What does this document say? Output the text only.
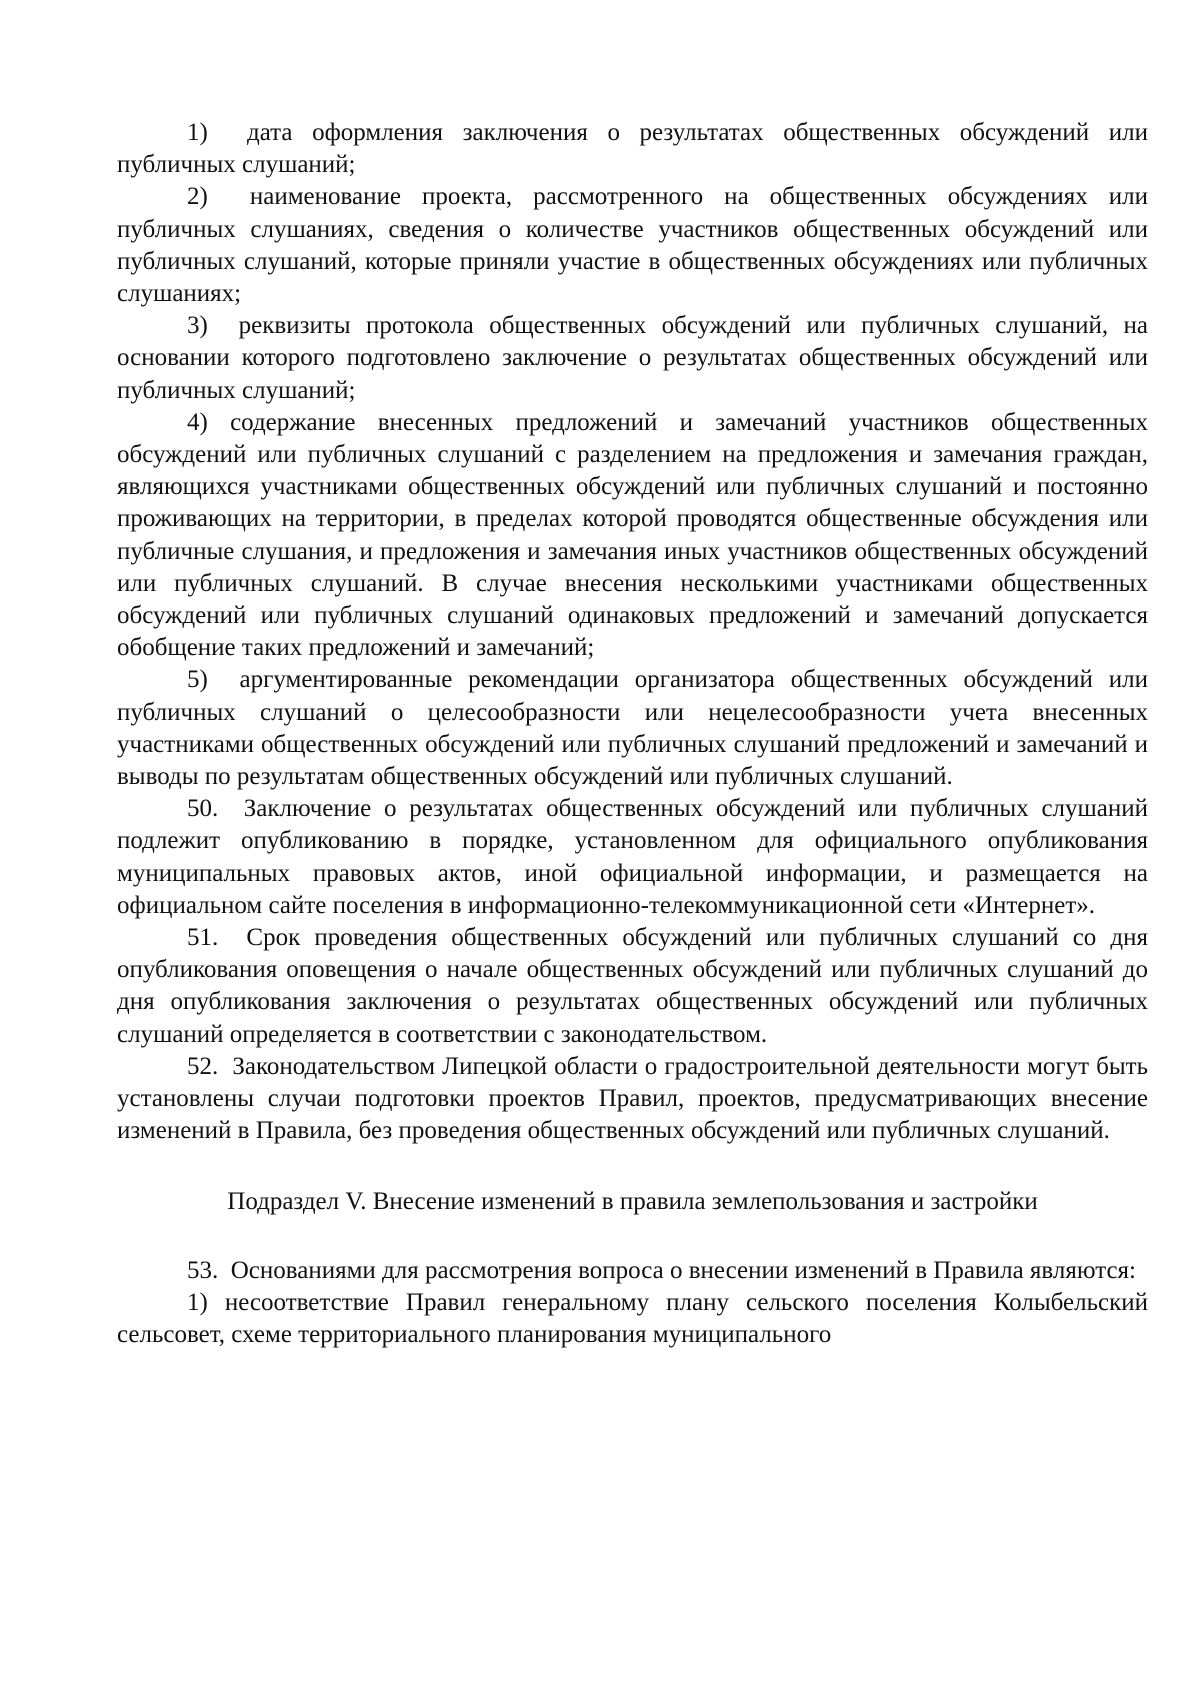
1)  дата оформления заключения о результатах общественных обсуждений или публичных слушаний;

2)  наименование проекта, рассмотренного на общественных обсуждениях или публичных слушаниях, сведения о количестве участников общественных обсуждений или публичных слушаний, которые приняли участие в общественных обсуждениях или публичных слушаниях;

3)  реквизиты протокола общественных обсуждений или публичных слушаний, на основании которого подготовлено заключение о результатах общественных обсуждений или публичных слушаний;

4) содержание внесенных предложений и замечаний участников общественных обсуждений или публичных слушаний с разделением на предложения и замечания граждан, являющихся участниками общественных обсуждений или публичных слушаний и постоянно проживающих на территории, в пределах которой проводятся общественные обсуждения или публичные слушания, и предложения и замечания иных участников общественных обсуждений или публичных слушаний. В случае внесения несколькими участниками общественных обсуждений или публичных слушаний одинаковых предложений и замечаний допускается обобщение таких предложений и замечаний;

5)  аргументированные рекомендации организатора общественных обсуждений или публичных слушаний о целесообразности или нецелесообразности учета внесенных участниками общественных обсуждений или публичных слушаний предложений и замечаний и выводы по результатам общественных обсуждений или публичных слушаний.

50.  Заключение о результатах общественных обсуждений или публичных слушаний подлежит опубликованию в порядке, установленном для официального опубликования муниципальных правовых актов, иной официальной информации, и размещается на официальном сайте поселения в информационно-телекоммуникационной сети «Интернет».

51.  Срок проведения общественных обсуждений или публичных слушаний со дня опубликования оповещения о начале общественных обсуждений или публичных слушаний до дня опубликования заключения о результатах общественных обсуждений или публичных слушаний определяется в соответствии с законодательством.

52.  Законодательством Липецкой области о градостроительной деятельности могут быть установлены случаи подготовки проектов Правил, проектов, предусматривающих внесение изменений в Правила, без проведения общественных обсуждений или публичных слушаний.

Подраздел V. Внесение изменений в правила землепользования и застройки

53.  Основаниями для рассмотрения вопроса о внесении изменений в Правила являются:

1) несоответствие Правил генеральному плану сельского поселения Колыбельский сельсовет, схеме территориального планирования муниципального
